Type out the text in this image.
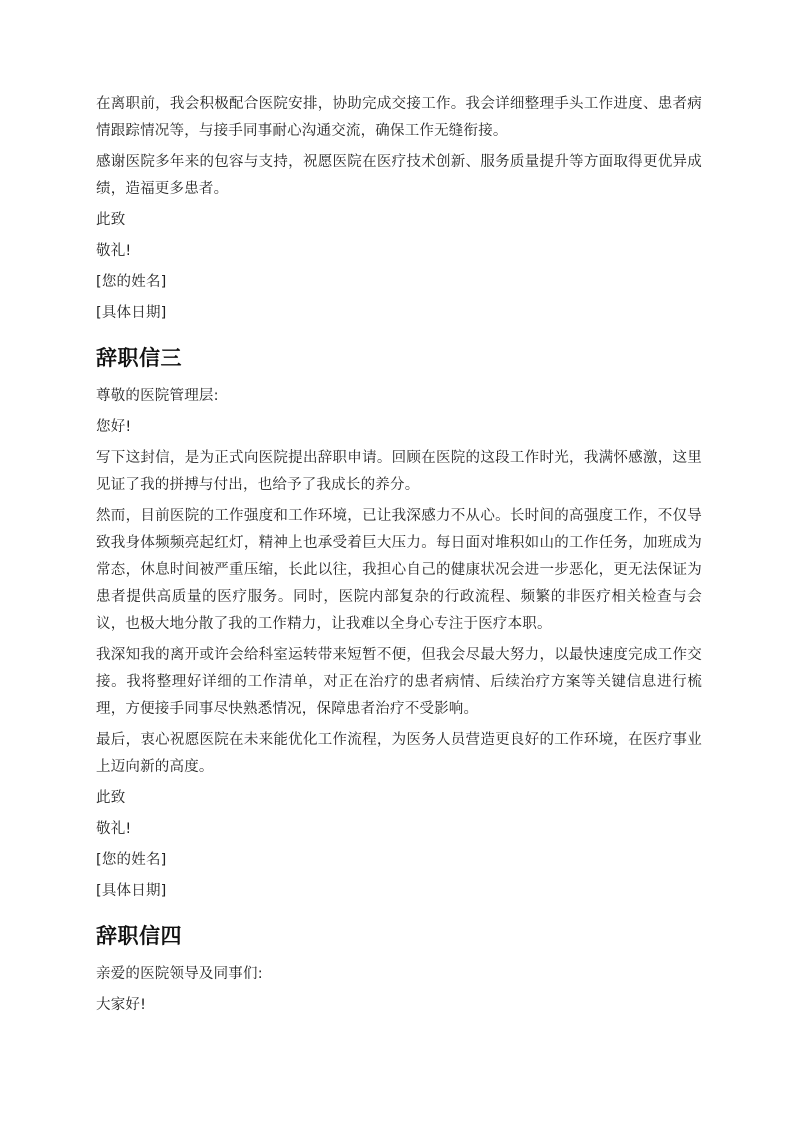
在离职前，我会积极配合医院安排，协助完成交接工作。我会详细整理手头工作进度、患者病情跟踪情况等，与接手同事耐心沟通交流，确保工作无缝衔接。

感谢医院多年来的包容与支持，祝愿医院在医疗技术创新、服务质量提升等方面取得更优异成绩，造福更多患者。

此致

敬礼!

[您的姓名]

[具体日期]

辞职信三

尊敬的医院管理层:

您好!

写下这封信，是为正式向医院提出辞职申请。回顾在医院的这段工作时光，我满怀感激，这里见证了我的拼搏与付出，也给予了我成长的养分。

然而，目前医院的工作强度和工作环境，已让我深感力不从心。长时间的高强度工作，不仅导致我身体频频亮起红灯，精神上也承受着巨大压力。每日面对堆积如山的工作任务，加班成为常态，休息时间被严重压缩，长此以往，我担心自己的健康状况会进一步恶化，更无法保证为患者提供高质量的医疗服务。同时，医院内部复杂的行政流程、频繁的非医疗相关检查与会议，也极大地分散了我的工作精力，让我难以全身心专注于医疗本职。

我深知我的离开或许会给科室运转带来短暂不便，但我会尽最大努力，以最快速度完成工作交接。我将整理好详细的工作清单，对正在治疗的患者病情、后续治疗方案等关键信息进行梳理，方便接手同事尽快熟悉情况，保障患者治疗不受影响。

最后，衷心祝愿医院在未来能优化工作流程，为医务人员营造更良好的工作环境，在医疗事业上迈向新的高度。

此致

敬礼!

[您的姓名]

[具体日期]

辞职信四

亲爱的医院领导及同事们:

大家好!
